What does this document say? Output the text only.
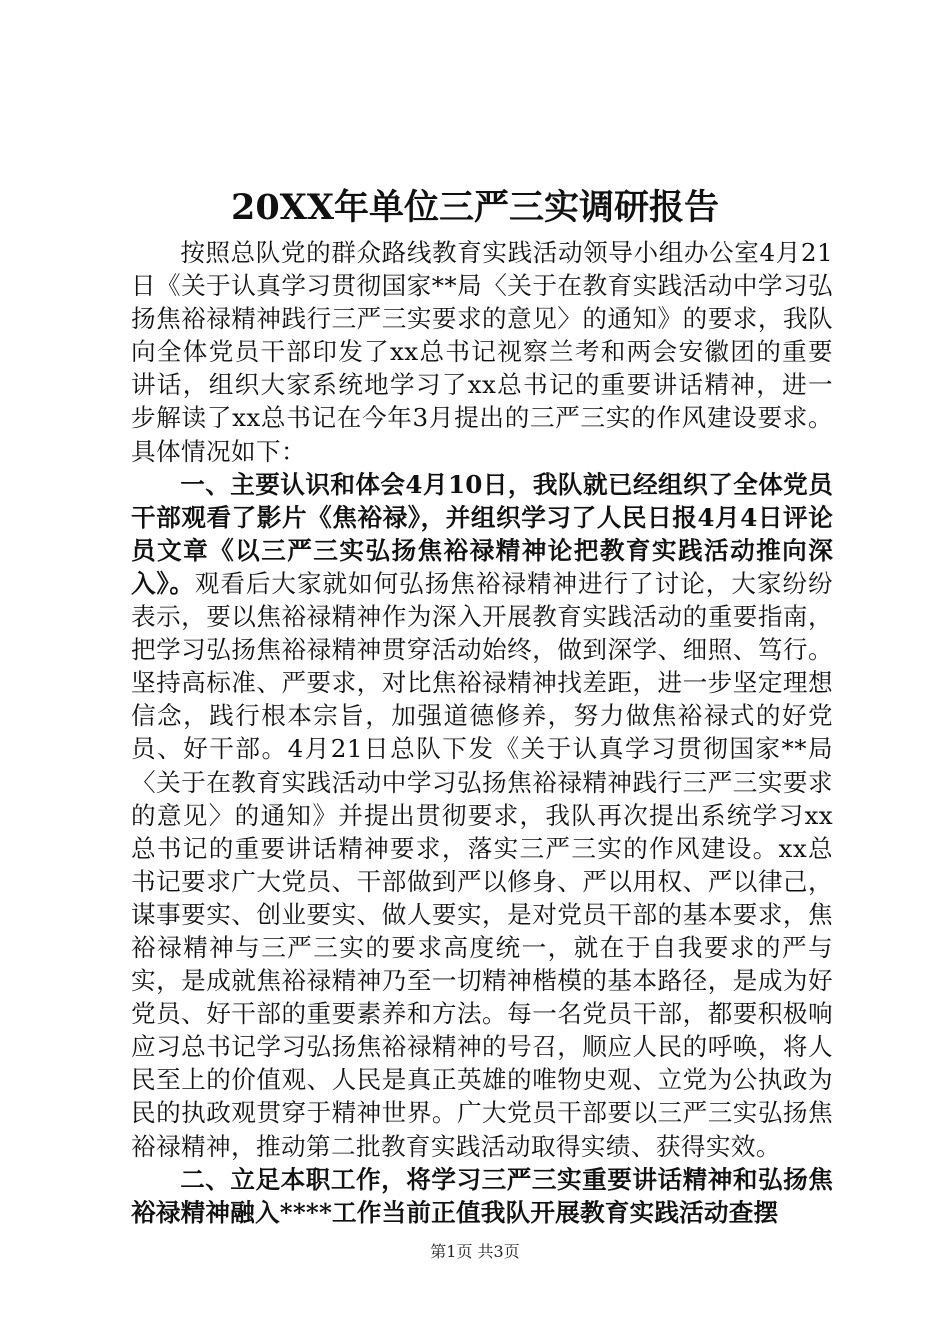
20XX年单位三严三实调研报告

按照总队党的群众路线教育实践活动领导小组办公室4月21日《关于认真学习贯彻国家**局〈关于在教育实践活动中学习弘扬焦裕禄精神践行三严三实要求的意见〉的通知》的要求，我队向全体党员干部印发了xx总书记视察兰考和两会安徽团的重要讲话，组织大家系统地学习了xx总书记的重要讲话精神，进一步解读了xx总书记在今年3月提出的三严三实的作风建设要求。具体情况如下：

一、主要认识和体会4月10日，我队就已经组织了全体党员干部观看了影片《焦裕禄》，并组织学习了人民日报4月4日评论员文章《以三严三实弘扬焦裕禄精神论把教育实践活动推向深入》。观看后大家就如何弘扬焦裕禄精神进行了讨论，大家纷纷表示，要以焦裕禄精神作为深入开展教育实践活动的重要指南，把学习弘扬焦裕禄精神贯穿活动始终，做到深学、细照、笃行。坚持高标准、严要求，对比焦裕禄精神找差距，进一步坚定理想信念，践行根本宗旨，加强道德修养，努力做焦裕禄式的好党员、好干部。4月21日总队下发《关于认真学习贯彻国家**局〈关于在教育实践活动中学习弘扬焦裕禄精神践行三严三实要求的意见〉的通知》并提出贯彻要求，我队再次提出系统学习xx总书记的重要讲话精神要求，落实三严三实的作风建设。xx总书记要求广大党员、干部做到严以修身、严以用权、严以律己，谋事要实、创业要实、做人要实，是对党员干部的基本要求，焦裕禄精神与三严三实的要求高度统一，就在于自我要求的严与实，是成就焦裕禄精神乃至一切精神楷模的基本路径，是成为好党员、好干部的重要素养和方法。每一名党员干部，都要积极响应习总书记学习弘扬焦裕禄精神的号召，顺应人民的呼唤，将人民至上的价值观、人民是真正英雄的唯物史观、立党为公执政为民的执政观贯穿于精神世界。广大党员干部要以三严三实弘扬焦裕禄精神，推动第二批教育实践活动取得实绩、获得实效。

二、立足本职工作，将学习三严三实重要讲话精神和弘扬焦裕禄精神融入****工作当前正值我队开展教育实践活动查摆

第1页 共3页
